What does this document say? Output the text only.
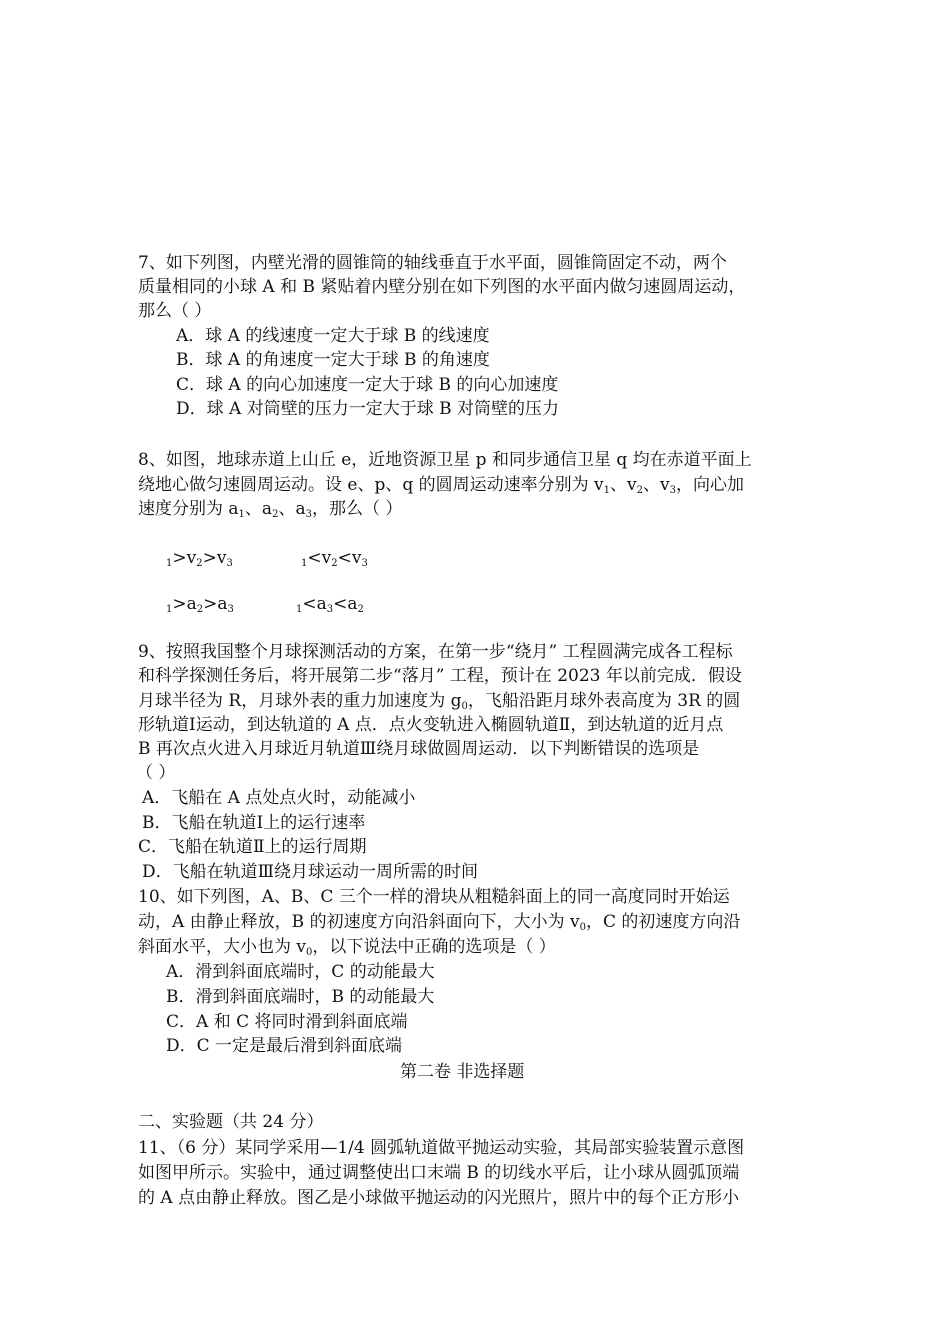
7、如下列图，内壁光滑的圆锥筒的轴线垂直于水平面，圆锥筒固定不动，两个
质量相同的小球 A 和 B 紧贴着内壁分别在如下列图的水平面内做匀速圆周运动，
那么（ ）
A．球 A 的线速度一定大于球 B 的线速度
B．球 A 的角速度一定大于球 B 的角速度
C．球 A 的向心加速度一定大于球 B 的向心加速度
D．球 A 对筒壁的压力一定大于球 B 对筒壁的压力
8、如图，地球赤道上山丘 e，近地资源卫星 p 和同步通信卫星 q 均在赤道平面上
绕地心做匀速圆周运动。设 e、p、q 的圆周运动速率分别为 $v_1$、$v_2$、$v_3$，向心加
速度分别为 $a_1$、$a_2$、$a_3$，那么（ ）
$_1>v_2>v_3$	$_1<v_2<v_3$
$_1>a_2>a_3$	$_1<a_3<a_2$
9、按照我国整个月球探测活动的方案，在第一步“绕月” 工程圆满完成各工程标
和科学探测任务后，将开展第二步“落月” 工程，预计在 2023 年以前完成．假设
月球半径为 R，月球外表的重力加速度为 $g_0$，飞船沿距月球外表高度为 3R 的圆
形轨道Ⅰ运动，到达轨道的 A 点．点火变轨进入椭圆轨道Ⅱ，到达轨道的近月点
B 再次点火进入月球近月轨道Ⅲ绕月球做圆周运动．以下判断错误的选项是
（ ）
A．飞船在 A 点处点火时，动能减小
B．飞船在轨道Ⅰ上的运行速率
C．飞船在轨道Ⅱ上的运行周期
D．飞船在轨道Ⅲ绕月球运动一周所需的时间
10、如下列图，A、B、C 三个一样的滑块从粗糙斜面上的同一高度同时开始运
动，A 由静止释放，B 的初速度方向沿斜面向下，大小为 $v_0$，C 的初速度方向沿
斜面水平，大小也为 $v_0$，以下说法中正确的选项是（ ）
A．滑到斜面底端时，C 的动能最大
B．滑到斜面底端时，B 的动能最大
C．A 和 C 将同时滑到斜面底端
D．C 一定是最后滑到斜面底端
第二卷 非选择题
二、实验题（共 24 分）
11、（6 分）某同学采用—1/4 圆弧轨道做平抛运动实验，其局部实验装置示意图
如图甲所示。实验中，通过调整使出口末端 B 的切线水平后，让小球从圆弧顶端
的 A 点由静止释放。图乙是小球做平抛运动的闪光照片，照片中的每个正方形小
